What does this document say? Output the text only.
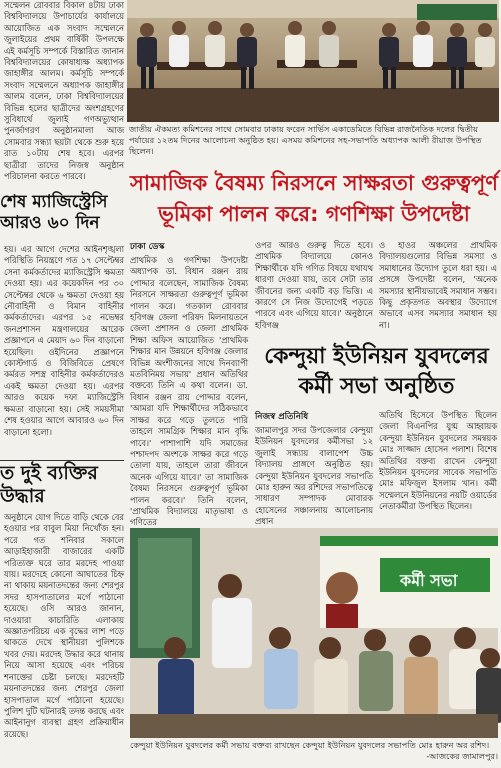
সম্মেলন রোববার বিকাল ৪টায় ঢাকা বিশ্ববিদ্যালয়ে উপাচার্যের কার্যালয়ে আয়োজিত এক সংবাদ সম্মেলনে জুলাইয়ের প্রথম বার্ষিকী উপলক্ষে এই কর্মসূচি সম্পর্কে বিস্তারিত জানান বিশ্ববিদ্যালয়ের কোষাধ্যক্ষ অধ্যাপক জাহাঙ্গীর আলম। কর্মসূচি সম্পর্কে সংবাদ সম্মেলনে অধ্যাপক জাহাঙ্গীর আলম বলেন, ঢাকা বিশ্ববিদ্যালয়ের বিভিন্ন হলের ছাত্রীদের অংশগ্রহণের সুবিধার্থে জুলাই গণঅভ্যুত্থান পুনর্জাগরণ অনুষ্ঠানমালা আজ সোমবার সন্ধ্যা ছয়টা থেকে শুরু হয়ে রাত ১০টায় শেষ হবে। এরপর ছাত্রীরা তাদের নিজস্ব অনুষ্ঠান পরিচালনা করতে পারবে।

জাতীয় ঐকমত্য কমিশনের সাথে সোমবার ঢাকায় ফরেন সার্ভিস একাডেমিতে বিভিন্ন রাজনৈতিক দলের দ্বিতীয় পর্যায়ের ১২তম দিনের আলোচনা অনুষ্ঠিত হয়। এসময় কমিশনের সহ-সভাপতি অধ্যাপক আলী রীয়াজ উপস্থিত ছিলেন।

সামাজিক বৈষম্য নিরসনে সাক্ষরতা গুরুত্বপূর্ণ ভূমিকা পালন করে: গণশিক্ষা উপদেষ্টা

শেষ ম্যাজিস্ট্রেসি আরও ৬০ দিন

হয়। এর আগে দেশের আইনশৃঙ্খলা পরিস্থিতি নিয়ন্ত্রণে গত ১৭ সেপ্টেম্বর সেনা কর্মকর্তাদের ম্যাজিস্ট্রেসি ক্ষমতা দেওয়া হয়। এর কয়েকদিন পর ৩০ সেপ্টেম্বর থেকে ৬ ক্ষমতা দেওয়া হয় নৌবাহিনী ও বিমান বাহিনীর কর্মকর্তাদের। এরপর ১৫ নভেম্বর জনপ্রশাসন মন্ত্রণালয়ের আরেক প্রজ্ঞাপনে এ মেয়াদ ৬০ দিন বাড়ানো হয়েছিল। ওইদিনের প্রজ্ঞাপনে কোস্টগার্ড ও বিজিবিতে প্রেষণে কর্মরত সশস্ত্র বাহিনীর কর্মকর্তাদেরও একই ক্ষমতা দেওয়া হয়। এরপর আরও কয়েক দফা ম্যাজিস্ট্রেসি ক্ষমতা বাড়ানো হয়। সেই সময়সীমা শেষ হওয়ার আগে আবারও ৬০ দিন বাড়ানো হলো।

ত দুই ব্যক্তির উদ্ধার

অনুষ্ঠানে যোগ দিতে বাড়ি থেকে বের হওয়ার পর বাবুল মিয়া নিখোঁজ হন। পরে গত শনিবার সকালে আড়াইহাজারী বাজারের একটি পরিত্যক্ত ঘরে তার মরদেহ পাওয়া যায়। মরদেহে কোনো আঘাতের চিহ্ন না থাকায় ময়নাতদন্তের জন্য শেরপুর সদর হাসপাতালের মর্গে পাঠানো হয়েছে। ওসি আরও জানান, দাওয়ারা কাচারিতি এলাকায় অজ্ঞাতপরিচয় এক বৃদ্ধের লাশ পড়ে থাকতে দেখে স্থানীয়রা পুলিশকে খবর দেয়। মরদেহ উদ্ধার করে থানায় নিয়ে আসা হয়েছে এবং পরিচয় শনাক্তের চেষ্টা চলছে। মরদেহটি ময়নাতদন্তের জন্য শেরপুর জেলা হাসপাতাল মর্গে পাঠানো হয়েছে। পুলিশ দুটি ঘটনারই তদন্ত করছে এবং আইনানুগ ব্যবস্থা গ্রহণ প্রক্রিয়াধীন রয়েছে।

ঢাকা ডেস্ক

প্রাথমিক ও গণশিক্ষা উপদেষ্টা অধ্যাপক ডা. বিধান রঞ্জন রায় পোদ্দার বলেছেন, সামাজিক বৈষম্য নিরসনে সাক্ষরতা গুরুত্বপূর্ণ ভূমিকা পালন করে। গতকাল রোববার হবিগঞ্জ জেলা পরিষদ মিলনায়তনে জেলা প্রশাসন ও জেলা প্রাথমিক শিক্ষা অফিস আয়োজিত 'প্রাথমিক শিক্ষার মান উন্নয়নে হবিগঞ্জ জেলার বিভিন্ন অংশীজনের সাথে দিনব্যাপী মতবিনিময় সভায়' প্রধান অতিথির বক্তব্যে তিনি এ কথা বলেন। ডা. বিধান রঞ্জন রায় পোদ্দার বলেন, 'আমরা যদি শিক্ষার্থীদের সঠিকভাবে সাক্ষর করে গড়ে তুলতে পারি তাহলে সামগ্রিক শিক্ষার মান বৃদ্ধি পাবে।' পাশাপাশি যদি সমাজের পশ্চাদপদ অংশকে সাক্ষর করে গড়ে তোলা যায়, তাহলে তারা জীবনে অনেক এগিয়ে যাবে।' তা সামাজিক বৈষম্য নিরসনে গুরুত্বপূর্ণ ভূমিকা পালন করবে।' তিনি বলেন, 'প্রাথমিক বিদ্যালয়ে মাতৃভাষা ও গণিতের

ওপর আরও গুরুত্ব দিতে হবে। প্রাথমিক বিদ্যালয়ে কোনও শিক্ষার্থীকে যদি গণিত বিষয়ে যথাযথ ধারণা দেওয়া যায়, তবে সেটা তার জীবনের জন্য একটি বড় ভিত্তি। এ কারণে সে নিজ উদ্যোগেই পড়তে পারবে এবং এগিয়ে যাবে।' অনুষ্ঠানে হবিগঞ্জ

ও হাওর অঞ্চলের প্রাথমিক বিদ্যালয়গুলোর বিভিন্ন সমস্যা ও সমাধানের উদ্যোগ তুলে ধরা হয়। এ প্রসঙ্গে উপদেষ্টা বলেন, 'অনেক সমস্যার স্থানীয়ভাবেই সমাধান সম্ভব। কিছু প্রকৃতগত অবস্থার উদ্যোগে অভাবে এসব সমস্যার সমাধান হয় না।

কেন্দুয়া ইউনিয়ন যুবদলের কর্মী সভা অনুষ্ঠিত

নিজস্ব প্রতিনিধি

জামালপুর সদর উপজেলার কেন্দুয়া ইউনিয়ন যুবদলের কর্মীসভা ১২ জুলাই সন্ধ্যায় বালাপেশ উচ্চ বিদ্যালয় প্রাঙ্গণে অনুষ্ঠিত হয়। কেন্দুয়া ইউনিয়ন যুবদলের সভাপতি মোঃ হারুন অর রশিদের সভাপতিত্বে সাধারণ সম্পাদক মোবারক হোসেনের সঞ্চালনায় আলোচনায় প্রধান

অতিথি হিসেবে উপস্থিত ছিলেন জেলা বিএনপির যুগ্ম আহ্বায়ক কেন্দুয়া ইউনিয়ন যুবদলের সমন্বয়ক মোঃ সাজ্জাদ হোসেন পলাশ। বিশেষ অতিথির বক্তব্য রাখেন কেন্দুয়া ইউনিয়ন যুবদলের সাবেক সভাপতি মোঃ মফিজুল ইসলাম খান। কর্মী সম্মেলনে ইউনিয়নের নয়টি ওয়ার্ডের নেতাকর্মীরা উপস্থিত ছিলেন।

কর্মী সভা

কেন্দুয়া ইউনিয়ন যুবদলের কর্মী সভায় বক্তব্য রাখছেন কেন্দুয়া ইউনিয়ন যুবদলের সভাপতি মোঃ হারুন অর রশিদ।
-আজকের জামালপুর।
